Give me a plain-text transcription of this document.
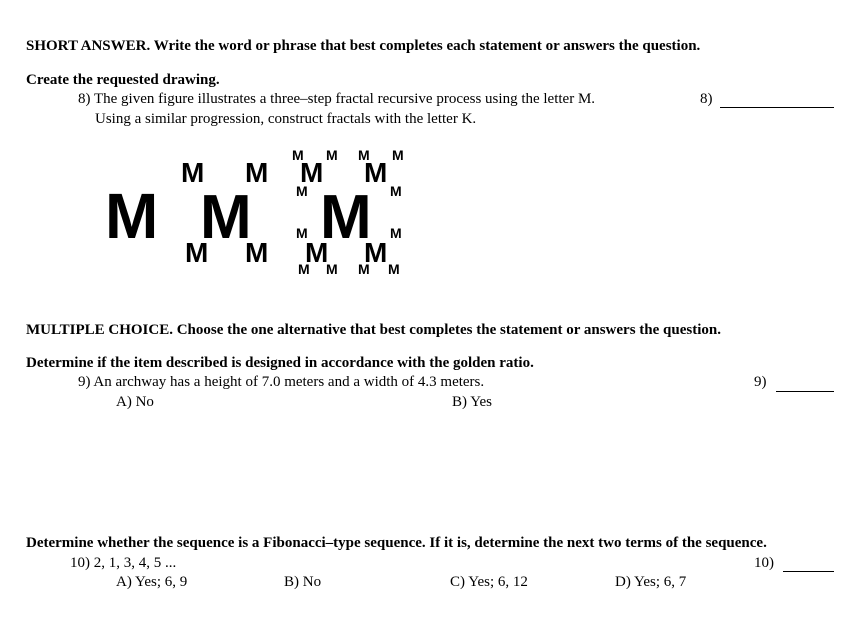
SHORT ANSWER. Write the word or phrase that best completes each statement or answers the question.
Create the requested drawing.
8) The given figure illustrates a three–step fractal recursive process using the letter M.
Using a similar progression, construct fractals with the letter K.
8)
M M
M M
M M
M
M M
M M
M M M M
M	M
M	M
M M M M
MULTIPLE CHOICE. Choose the one alternative that best completes the statement or answers the question.
Determine if the item described is designed in accordance with the golden ratio.
9) An archway has a height of 7.0 meters and a width of 4.3 meters.	9)
A) No	B) Yes
Determine whether the sequence is a Fibonacci–type sequence. If it is, determine the next two terms of the sequence.
10) 2, 1, 3, 4, 5 ...	10)
A) Yes; 6, 9	B) No	C) Yes; 6, 12	D) Yes; 6, 7
